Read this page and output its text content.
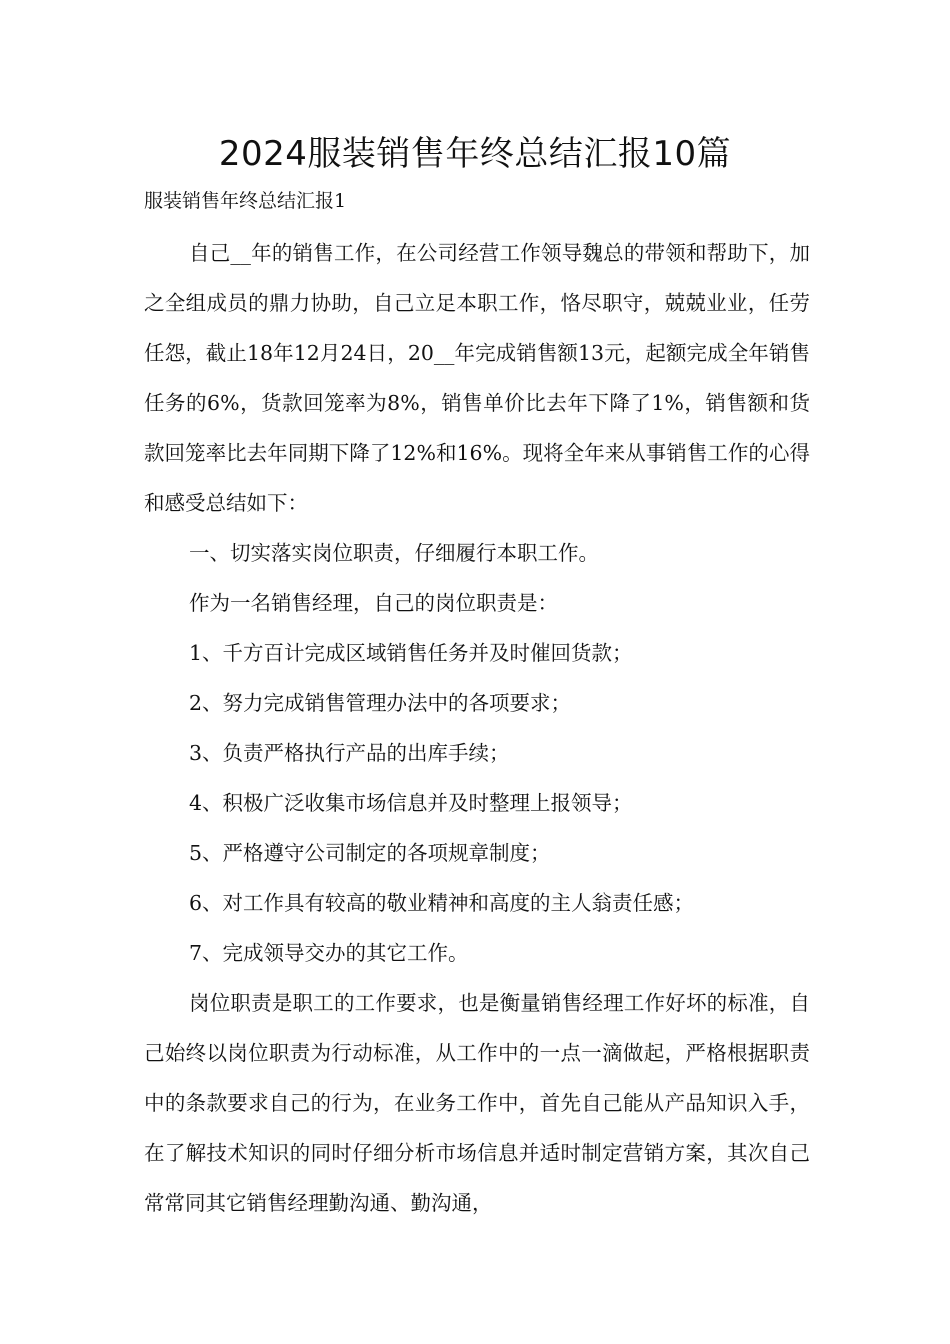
2024服装销售年终总结汇报10篇
服装销售年终总结汇报1

自己__年的销售工作，在公司经营工作领导魏总的带领和帮助下，加之全组成员的鼎力协助，自己立足本职工作，恪尽职守，兢兢业业，任劳任怨，截止18年12月24日，20__年完成销售额13元，起额完成全年销售任务的6%，货款回笼率为8%，销售单价比去年下降了1%，销售额和货款回笼率比去年同期下降了12%和16%。现将全年来从事销售工作的心得和感受总结如下：

一、切实落实岗位职责，仔细履行本职工作。

作为一名销售经理，自己的岗位职责是：

1、千方百计完成区域销售任务并及时催回货款；

2、努力完成销售管理办法中的各项要求；

3、负责严格执行产品的出库手续；

4、积极广泛收集市场信息并及时整理上报领导；

5、严格遵守公司制定的各项规章制度；

6、对工作具有较高的敬业精神和高度的主人翁责任感；

7、完成领导交办的其它工作。

岗位职责是职工的工作要求，也是衡量销售经理工作好坏的标准，自己始终以岗位职责为行动标准，从工作中的一点一滴做起，严格根据职责中的条款要求自己的行为，在业务工作中，首先自己能从产品知识入手，在了解技术知识的同时仔细分析市场信息并适时制定营销方案，其次自己常常同其它销售经理勤沟通、勤沟通，
